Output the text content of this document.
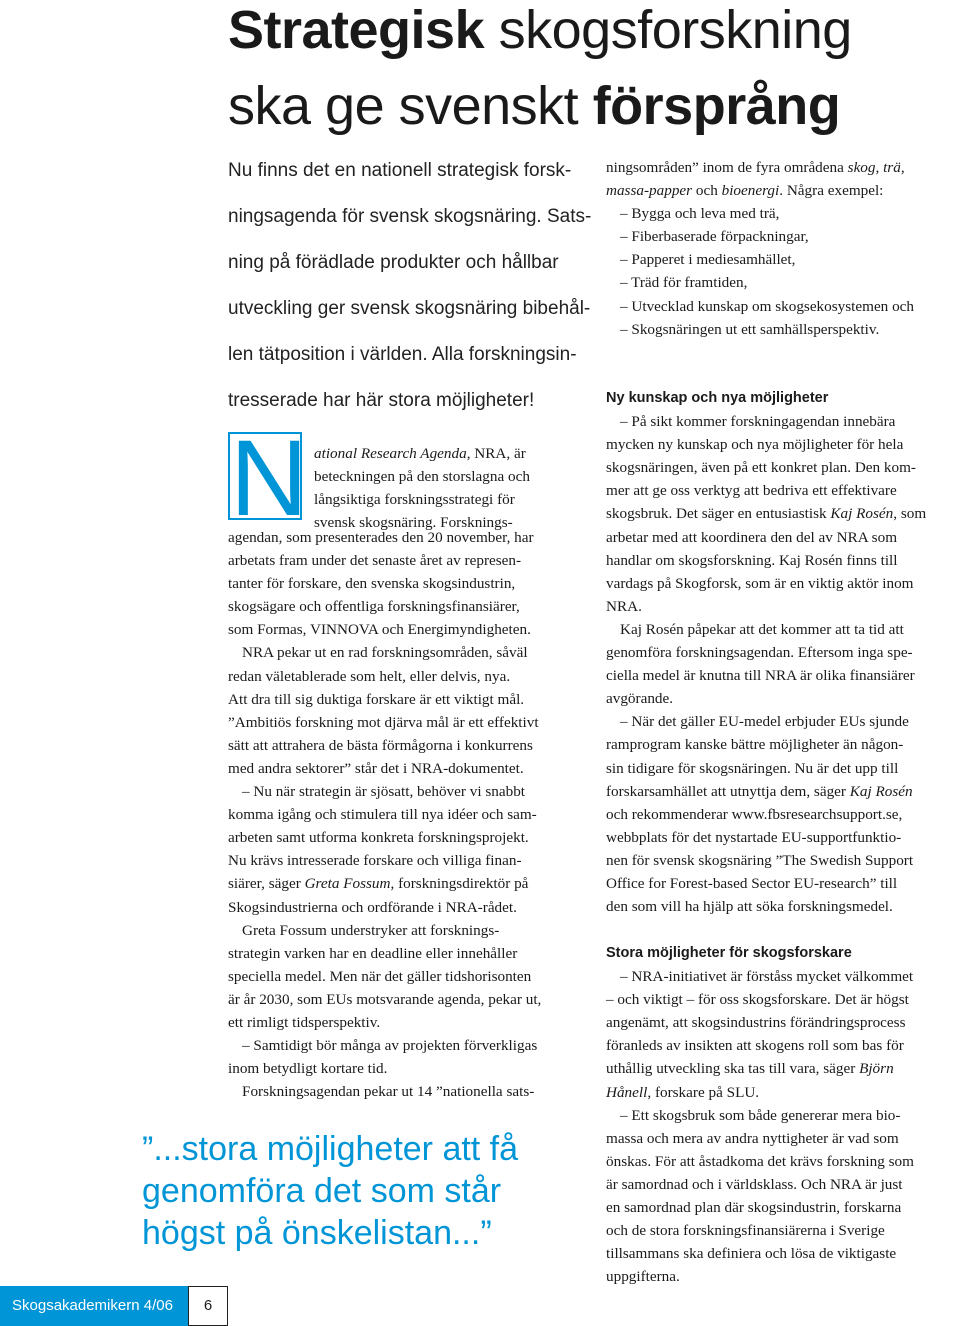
Strategisk skogsforskning
ska ge svenskt försprång
Nu finns det en nationell strategisk forsk-
ningsagenda för svensk skogsnäring. Sats-
ning på förädlade produkter och hållbar
utveckling ger svensk skogsnäring bibehål-
len tätposition i världen. Alla forskningsin-
tresserade har här stora möjligheter!
N ational Research Agenda, NRA, är
beteckningen på den storslagna och
långsiktiga forskningsstrategi för
svensk skogsnäring. Forsknings-
agendan, som presenterades den 20 november, har
arbetats fram under det senaste året av represen-
tanter för forskare, den svenska skogsindustrin,
skogsägare och offentliga forskningsfinansiärer,
som Formas, VINNOVA och Energimyndigheten.
NRA pekar ut en rad forskningsområden, såväl
redan väletablerade som helt, eller delvis, nya.
Att dra till sig duktiga forskare är ett viktigt mål.
”Ambitiös forskning mot djärva mål är ett effektivt
sätt att attrahera de bästa förmågorna i konkurrens
med andra sektorer” står det i NRA-dokumentet.
– Nu när strategin är sjösatt, behöver vi snabbt
komma igång och stimulera till nya idéer och sam-
arbeten samt utforma konkreta forskningsprojekt.
Nu krävs intresserade forskare och villiga finan-
siärer, säger Greta Fossum, forskningsdirektör på
Skogsindustrierna och ordförande i NRA-rådet.
Greta Fossum understryker att forsknings-
strategin varken har en deadline eller innehåller
speciella medel. Men när det gäller tidshorisonten
är år 2030, som EUs motsvarande agenda, pekar ut,
ett rimligt tidsperspektiv.
– Samtidigt bör många av projekten förverkligas
inom betydligt kortare tid.
Forskningsagendan pekar ut 14 ”nationella sats-
ningsområden” inom de fyra områdena skog, trä,
massa-papper och bioenergi. Några exempel:
– Bygga och leva med trä,
– Fiberbaserade förpackningar,
– Papperet i mediesamhället,
– Träd för framtiden,
– Utvecklad kunskap om skogsekosystemen och
– Skogsnäringen ut ett samhällsperspektiv.
Ny kunskap och nya möjligheter
– På sikt kommer forskningagendan innebära
mycken ny kunskap och nya möjligheter för hela
skogsnäringen, även på ett konkret plan. Den kom-
mer att ge oss verktyg att bedriva ett effektivare
skogsbruk. Det säger en entusiastisk Kaj Rosén, som
arbetar med att koordinera den del av NRA som
handlar om skogsforskning. Kaj Rosén finns till
vardags på Skogforsk, som är en viktig aktör inom
NRA.
Kaj Rosén påpekar att det kommer att ta tid att
genomföra forskningsagendan. Eftersom inga spe-
ciella medel är knutna till NRA är olika finansiärer
avgörande.
– När det gäller EU-medel erbjuder EUs sjunde
ramprogram kanske bättre möjligheter än någon-
sin tidigare för skogsnäringen. Nu är det upp till
forskarsamhället att utnyttja dem, säger Kaj Rosén
och rekommenderar www.fbsresearchsupport.se,
webbplats för det nystartade EU-supportfunktio-
nen för svensk skogsnäring ”The Swedish Support
Office for Forest-based Sector EU-research” till
den som vill ha hjälp att söka forskningsmedel.
Stora möjligheter för skogsforskare
– NRA-initiativet är förståss mycket välkommet
– och viktigt – för oss skogsforskare. Det är högst
angenämt, att skogsindustrins förändringsprocess
föranleds av insikten att skogens roll som bas för
uthållig utveckling ska tas till vara, säger Björn
Hånell, forskare på SLU.
– Ett skogsbruk som både genererar mera bio-
massa och mera av andra nyttigheter är vad som
önskas. För att åstadkoma det krävs forskning som
är samordnad och i världsklass. Och NRA är just
en samordnad plan där skogsindustrin, forskarna
och de stora forskningsfinansiärerna i Sverige
tillsammans ska definiera och lösa de viktigaste
uppgifterna.
”...stora möjligheter att få
genomföra det som står
högst på önskelistan...”
Skogsakademikern 4/06	6
